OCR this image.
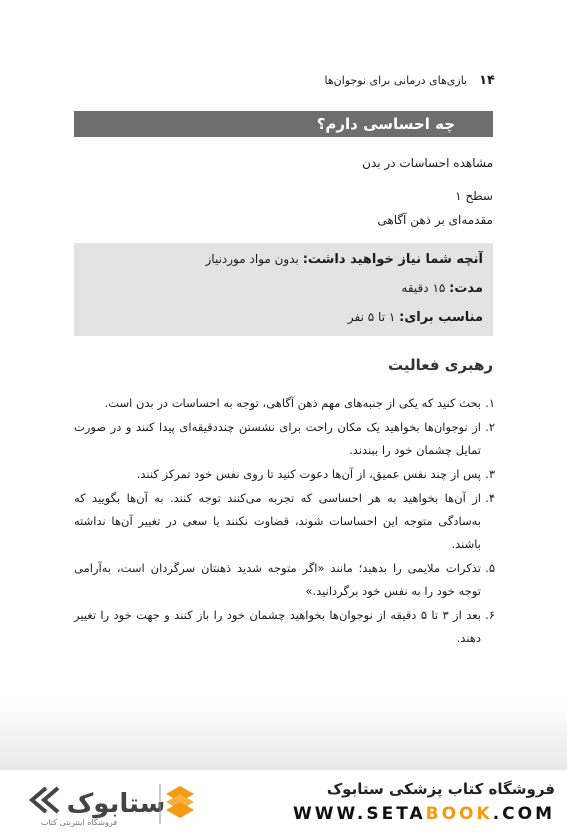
۱۴
بازی‌های درمانی برای نوجوان‌ها
چه احساسی دارم؟
مشاهده احساسات در بدن
سطح ۱
مقدمه‌ای بر ذهن آگاهی
آنچه شما نیاز خواهید داشت: بدون مواد موردنیاز
مدت: ۱۵ دقیقه
مناسب برای: ۱ تا ۵ نفر
رهبری فعالیت
۱.
بحث کنید که یکی از جنبه‌های مهم ذهن آگاهی، توجه به احساسات در بدن است.
۲.
از نوجوان‌ها بخواهید یک مکان راحت برای نشستن چنددقیقه‌ای پیدا کنند و در صورت تمایل چشمان خود را ببندند.
۳.
پس از چند نفس عمیق، از آن‌ها دعوت کنید تا روی نفس خود تمرکز کنند.
۴.
از آن‌ها بخواهید به هر احساسی که تجربه می‌کنند توجه کنند. به آن‌ها بگویید که به‌سادگی متوجه این احساسات شوند، قضاوت نکنند یا سعی در تغییر آن‌ها نداشته باشند.
۵.
تذکرات ملایمی را بدهید؛ مانند «اگر متوجه شدید ذهنتان سرگردان است، به‌آرامی توجه خود را به نفس خود برگردانید.»
۶.
بعد از ۳ تا ۵ دقیقه از نوجوان‌ها بخواهید چشمان خود را باز کنند و جهت خود را تغییر دهند.
ستابوک
فروشگاه اینترنتی کتاب
فروشگاه کتاب پزشکی ستابوک
WWW.SETABOOK.COM
